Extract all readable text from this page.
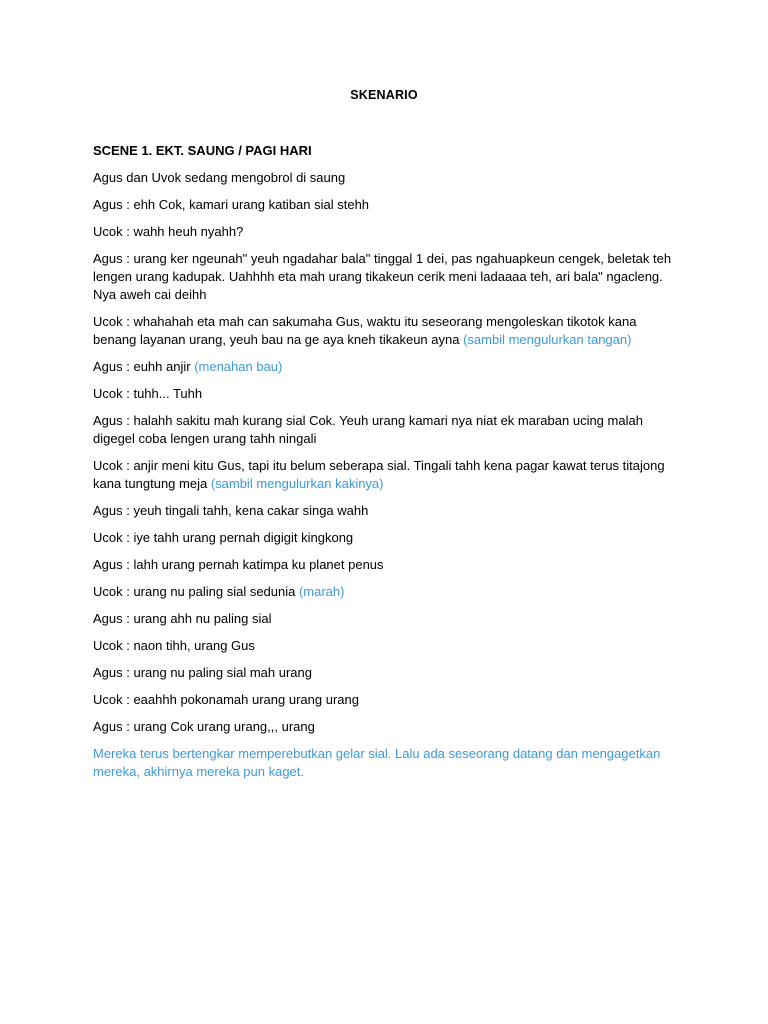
SKENARIO
SCENE 1. EKT. SAUNG / PAGI HARI

Agus dan Uvok sedang mengobrol di saung

Agus : ehh Cok, kamari urang katiban sial stehh

Ucok : wahh heuh nyahh?

Agus : urang ker ngeunah" yeuh ngadahar bala" tinggal 1 dei, pas ngahuapkeun cengek, beletak teh lengen urang kadupak. Uahhhh eta mah urang tikakeun cerik meni ladaaaa teh, ari bala" ngacleng. Nya aweh cai deihh

Ucok : whahahah eta mah can sakumaha Gus, waktu itu seseorang mengoleskan tikotok kana benang layanan urang, yeuh bau na ge aya kneh tikakeun ayna (sambil mengulurkan tangan)

Agus : euhh anjir (menahan bau)

Ucok : tuhh... Tuhh

Agus : halahh sakitu mah kurang sial Cok. Yeuh urang kamari nya niat ek maraban ucing malah digegel coba lengen urang tahh ningali

Ucok : anjir meni kitu Gus, tapi itu belum seberapa sial. Tingali tahh kena pagar kawat terus titajong kana tungtung meja (sambil mengulurkan kakinya)

Agus : yeuh tingali tahh, kena cakar singa wahh

Ucok : iye tahh urang pernah digigit kingkong

Agus : lahh urang pernah katimpa ku planet penus

Ucok : urang nu paling sial sedunia (marah)

Agus : urang ahh nu paling sial

Ucok : naon tihh, urang Gus

Agus : urang nu paling sial mah urang

Ucok : eaahhh pokonamah urang urang urang

Agus : urang Cok urang urang,,, urang

Mereka terus bertengkar memperebutkan gelar sial. Lalu ada seseorang datang dan mengagetkan mereka, akhirnya mereka pun kaget.
